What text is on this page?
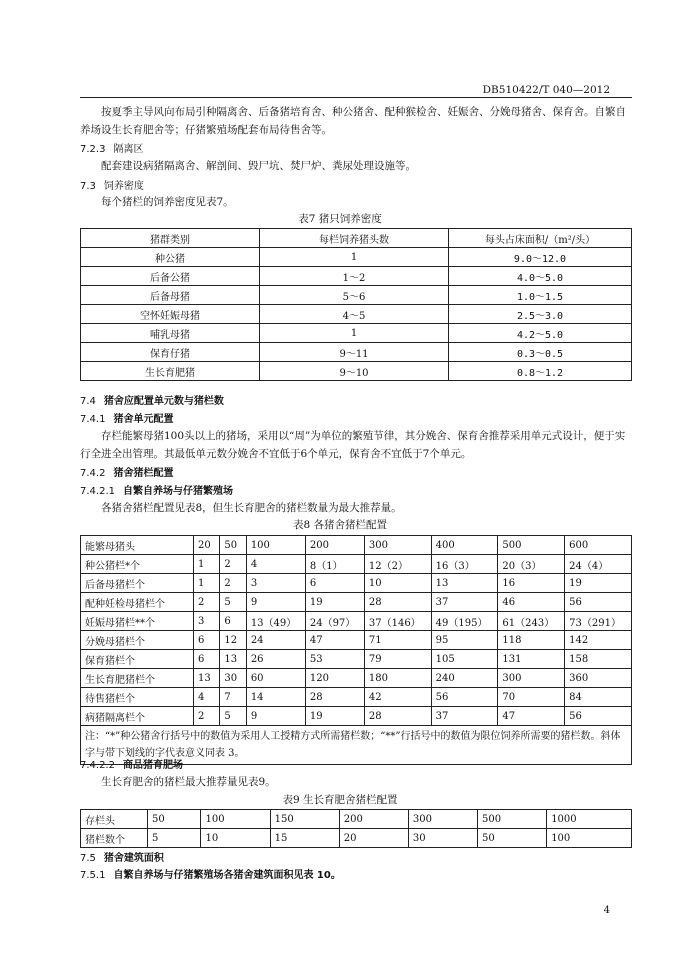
DB510422/T 040—2012
按夏季主导风向布局引种隔离舍、后备猪培育舍、种公猪舍、配种猴检舍、妊娠舍、分娩母猪舍、保育舍。自繁自养场设生长育肥舍等；仔猪繁殖场配套布局待售舍等。
7.2.3 隔离区
配套建设病猪隔离舍、解剖间、毁尸坑、焚尸炉、粪尿处理设施等。
7.3 饲养密度
每个猪栏的饲养密度见表7。
表7 猪只饲养密度
猪群类别	每栏饲养猪头数	每头占床面积/（m²/头）
种公猪	1	9.0～12.0
后备公猪	1～2	4.0～5.0
后备母猪	5～6	1.0～1.5
空怀妊娠母猪	4～5	2.5～3.0
哺乳母猪	1	4.2～5.0
保育仔猪	9～11	0.3～0.5
生长育肥猪	9～10	0.8～1.2
7.4 猪舍应配置单元数与猪栏数
7.4.1 猪舍单元配置
存栏能繁母猪100头以上的猪场，采用以“周”为单位的繁殖节律，其分娩舍、保育舍推荐采用单元式设计，便于实行全进全出管理。其最低单元数分娩舍不宜低于6个单元，保育舍不宜低于7个单元。
7.4.2 猪舍猪栏配置
7.4.2.1 自繁自养场与仔猪繁殖场
各猪舍猪栏配置见表8，但生长育肥舍的猪栏数量为最大推荐量。
表8 各猪舍猪栏配置
能繁母猪头	20	50	100	200	300	400	500	600
种公猪栏*个	1	2	4	8（1）	12（2）	16（3）	20（3）	24（4）
后备母猪栏个	1	2	3	6	10	13	16	19
配种妊检母猪栏个	2	5	9	19	28	37	46	56
妊娠母猪栏**个	3	6	13（49）	24（97）	37（146）	49（195）	61（243）	73（291）
分娩母猪栏个	6	12	24	47	71	95	118	142
保育猪栏个	6	13	26	53	79	105	131	158
生长育肥猪栏个	13	30	60	120	180	240	300	360
待售猪栏个	4	7	14	28	42	56	70	84
病猪隔离栏个	2	5	9	19	28	37	47	56
注：“*”种公猪舍行括号中的数值为采用人工授精方式所需猪栏数；“**”行括号中的数值为限位饲养所需要的猪栏数。斜体字与带下划线的字代表意义同表 3。								
7.4.2.2 商品猪育肥场
生长育肥舍的猪栏最大推荐量见表9。
表9 生长育肥舍猪栏配置
存栏头	50	100	150	200	300	500	1000
猪栏数个	5	10	15	20	30	50	100
7.5 猪舍建筑面积
7.5.1 自繁自养场与仔猪繁殖场各猪舍建筑面积见表 10。
4
